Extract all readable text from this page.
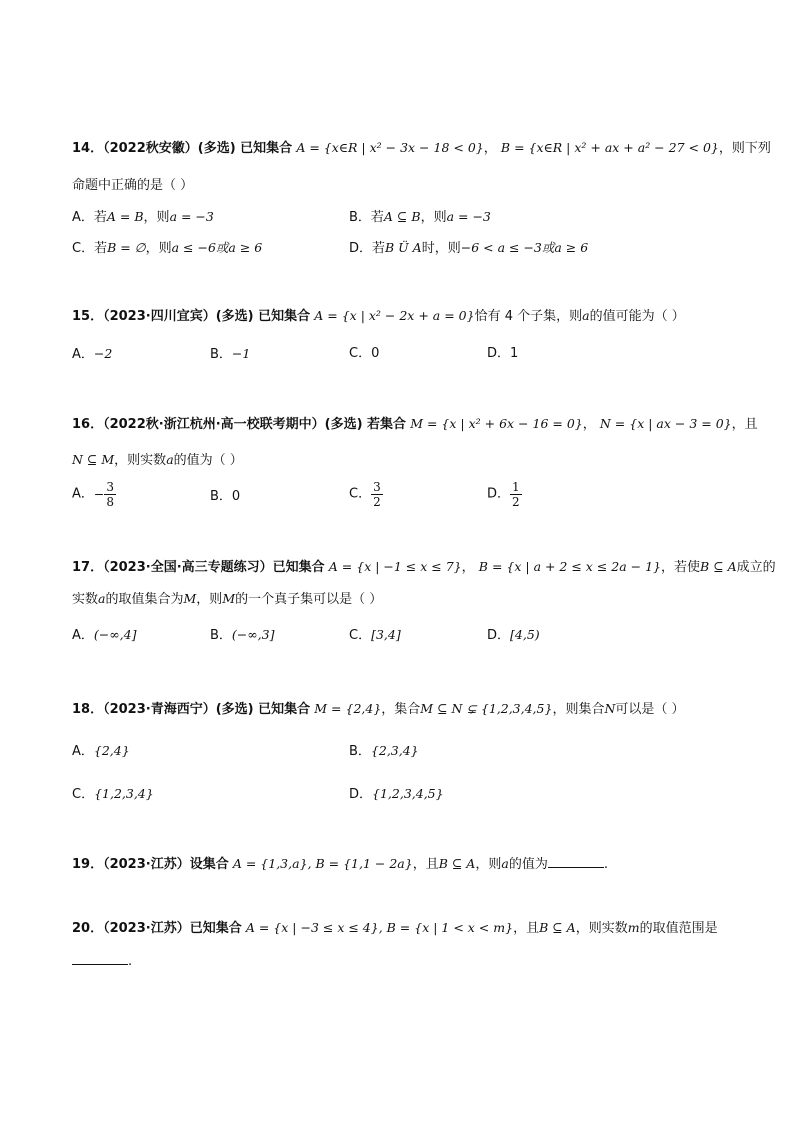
14．（2022秋安徽）(多选) 已知集合 A = {x∈R | x² − 3x − 18 < 0}， B = {x∈R | x² + ax + a² − 27 < 0}，则下列
命题中正确的是（ ）
A．若A = B，则a = −3	B．若A ⊆ B，则a = −3
C．若B = ∅，则a ≤ −6或a ≥ 6	D．若B Ü A时，则−6 < a ≤ −3或a ≥ 6
15．（2023·四川宜宾）(多选) 已知集合 A = {x | x² − 2x + a = 0}恰有 4 个子集，则a的值可能为（ ）
A．−2	B．−1	C．0	D．1
16．（2022秋·浙江杭州·高一校联考期中）(多选) 若集合 M = {x | x² + 6x − 16 = 0}， N = {x | ax − 3 = 0}，且
N ⊆ M，则实数a的值为（ ）
A．− $\frac{3}{8}$	B．0	C． $\frac{3}{2}$	D． $\frac{1}{2}$
17．（2023·全国·高三专题练习）已知集合 A = {x | −1 ≤ x ≤ 7}， B = {x | a + 2 ≤ x ≤ 2a − 1}，若使B ⊆ A成立的
实数a的取值集合为M，则M的一个真子集可以是（ ）
A．(−∞,4]	B．(−∞,3]	C．[3,4]	D．[4,5)
18．（2023·青海西宁）(多选) 已知集合 M = {2,4}，集合M ⊆ N ⊊ {1,2,3,4,5}，则集合N可以是（ ）
A．{2,4}	B．{2,3,4}
C．{1,2,3,4}	D．{1,2,3,4,5}
19．（2023·江苏）设集合 A = {1,3,a}, B = {1,1 − 2a}，且B ⊆ A，则a的值为	.
20．（2023·江苏）已知集合 A = {x | −3 ≤ x ≤ 4}, B = {x | 1 < x < m}，且B ⊆ A，则实数m的取值范围是
.
